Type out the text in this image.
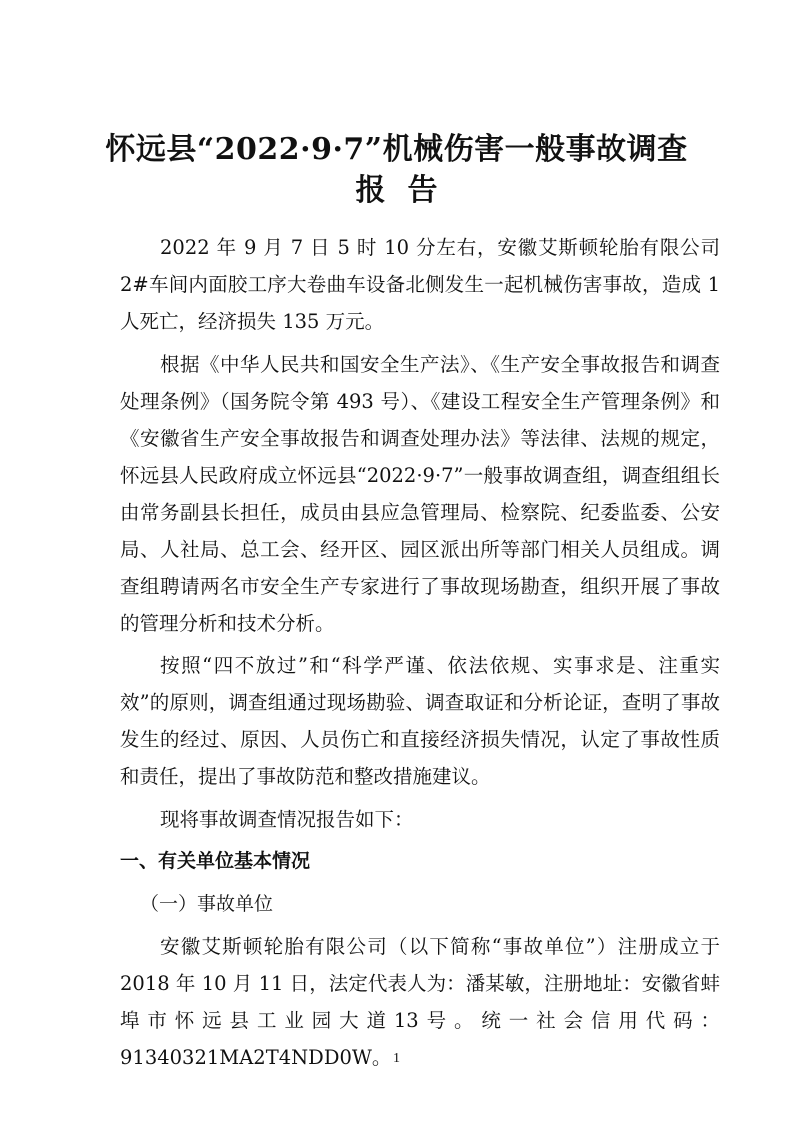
怀远县“2022·9·7”机械伤害一般事故调查
报告

2022 年 9 月 7 日 5 时 10 分左右，安徽艾斯顿轮胎有限公司 2#车间内面胶工序大卷曲车设备北侧发生一起机械伤害事故，造成 1 人死亡，经济损失 135 万元。

根据《中华人民共和国安全生产法》、《生产安全事故报告和调查处理条例》（国务院令第 493 号）、《建设工程安全生产管理条例》和《安徽省生产安全事故报告和调查处理办法》等法律、法规的规定，怀远县人民政府成立怀远县“2022·9·7”一般事故调查组，调查组组长由常务副县长担任，成员由县应急管理局、检察院、纪委监委、公安局、人社局、总工会、经开区、园区派出所等部门相关人员组成。调查组聘请两名市安全生产专家进行了事故现场勘查，组织开展了事故的管理分析和技术分析。

按照“四不放过”和“科学严谨、依法依规、实事求是、注重实效”的原则，调查组通过现场勘验、调查取证和分析论证，查明了事故发生的经过、原因、人员伤亡和直接经济损失情况，认定了事故性质和责任，提出了事故防范和整改措施建议。

现将事故调查情况报告如下：

一、有关单位基本情况

（一）事故单位

安徽艾斯顿轮胎有限公司（以下简称“事故单位”）注册成立于 2018 年 10 月 11 日，法定代表人为：潘某敏，注册地址：安徽省蚌埠市怀远县工业园大道13号。统一社会信用代码：91340321MA2T4NDD0W。 1
